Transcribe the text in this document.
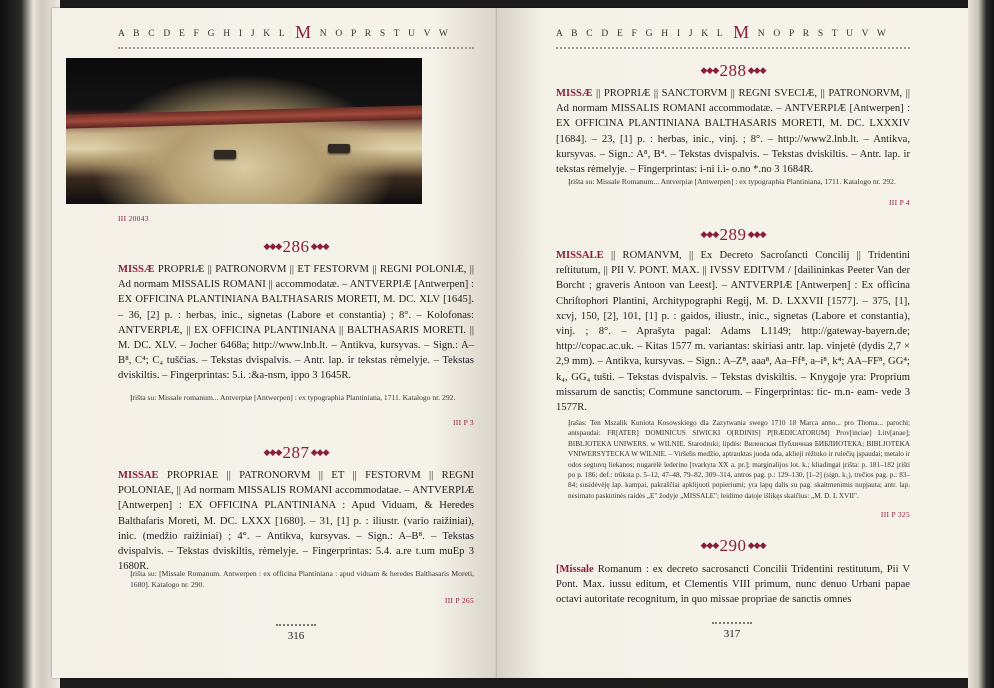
A B C D E F G H I J K L M N O P R S T U V W
III 20043
◆◆◆ 286 ◆◆◆
MISSÆ PROPRIÆ || PATRONORVM || ET FESTORVM || REGNI POLONIÆ, || Ad normam MISSALIS ROMANI || accommodatæ. – ANTVERPIÆ [Antwerpen] : EX OFFICINA PLANTINIANA BALTHASARIS MORETI, M. DC. XLV [1645]. – 36, [2] p. : herbas, inic., signetas (Labore et constantia) ; 8°. – Kolofonas: ANTVERPIÆ, || EX OFFICINA PLANTINIANA || BALTHASARIS MORETI. || M. DC. XLV. – Jocher 6468a; http://www.lnb.lt. – Antikva, kursyvas. – Sign.: A–B⁸, C⁴; C₄ tuščias. – Tekstas dvispalvis. – Antr. lap. ir tekstas rėmelyje. – Tekstas dviskiltis. – Fingerprintas: 5.i. :&a-nsm, ippo 3 1645R.
Įrišta su: Missale romanum... Antverpiæ [Antwerpen] : ex typographia Plantiniana, 1711. Katalogo nr. 292.
III P 3
◆◆◆ 287 ◆◆◆
MISSAE PROPRIAE || PATRONORVM || ET || FESTORVM || REGNI POLONIAE, || Ad normam MISSALIS ROMANI accommodatae. – ANTVERPIÆ [Antwerpen] : EX OFFICINA PLANTINIANA : Apud Viduam, & Heredes Balthaſaris Moreti, M. DC. LXXX [1680]. – 31, [1] p. : iliustr. (vario raižiniai), inic. (medžio raižiniai) ; 4°. – Antikva, kursyvas. – Sign.: A–B⁸. – Tekstas dvispalvis. – Tekstas dviskiltis, rėmelyje. – Fingerprintas: 5.4. a.re t.um muEp 3 1680R.
Įrišta su: [Missale Romanum. Antwerpen : ex officina Plantiniana : apud viduam & heredes Balthasaris Moreti, 1680]. Katalogo nr. 290.
III P 265
316
A B C D E F G H I J K L M N O P R S T U V W
◆◆◆ 288 ◆◆◆
MISSÆ || PROPRIÆ || SANCTORVM || REGNI SVECIÆ, || PATRONORVM, || Ad normam MISSALIS ROMANI accommodatæ. – ANTVERPIÆ [Antwerpen] : EX OFFICINA PLANTINIANA BALTHASARIS MORETI, M. DC. LXXXIV [1684]. – 23, [1] p. : herbas, inic., vinj. ; 8°. – http://www2.lnb.lt. – Antikva, kursyvas. – Sign.: A⁸, B⁴. – Tekstas dvispalvis. – Tekstas dviskiltis. – Antr. lap. ir tekstas rėmelyje. – Fingerprintas: i-ni i.i- o.no *.no 3 1684R.
Įrišta su: Missale Romanum... Antverpiæ [Antwerpen] : ex typographia Plantiniana, 1711. Katalogo nr. 292.
III P 4
◆◆◆ 289 ◆◆◆
MISSALE || ROMANVM, || Ex Decreto Sacroſancti Concilij || Tridentini reſtitutum, || PII V. PONT. MAX. || IVSSV EDITVM / [dailininkas Peeter Van der Borcht ; graveris Antoon van Leest]. – ANTVERPIÆ [Antwerpen] : Ex officina Chriſtophori Plantini, Architypographi Regij, M. D. LXXVII [1577]. – 375, [1], xcvj, 150, [2], 101, [1] p. : gaidos, iliustr., inic., signetas (Labore et constantia), vinj. ; 8°. – Aprašyta pagal: Adams L1149; http://gateway-bayern.de; http://copac.ac.uk. – Kitas 1577 m. variantas: skiriasi antr. lap. vinjetė (dydis 2,7 × 2,9 mm). – Antikva, kursyvas. – Sign.: A–Z⁸, aaa⁸, Aa–Ff⁸, a–i⁸, k⁴; AA–FF⁸, GG⁴; k₄, GG₄ tušti. – Tekstas dvispalvis. – Tekstas dviskiltis. – Knygoje yra: Proprium missarum de sanctis; Commune sanctorum. – Fingerprintas: tic- m.n- eam- vede 3 1577R.
Įrašas: Ten Mszalik Kuniota Kosowskiego dla Zazytwania swego 1710 18 Marca anno... pro Thoma... parochi; antspaudai: FR[ATER] DOMINICUS SIWICKI O[RDINIS] P[RÆDICATORUM] Prov[inciae] Litv[anae]; BIBLJOTEKA UNIWERS. w WILNIE. Starodruki; lipdės: Виленская Публичная БИБЛИОТЕКА; BIBLJOTEKA VNIWERSYTECKA W WILNIE. – Viršelis medžio, aptrauktas juoda oda, aklieji rėžtuko ir rulečių įspaudai; metalo ir odos segtuvų liekanos; nugarėlė lederino [tvarkyta XX a. pr.]; marginalijos lot. k.; kliadingai įrišta: p. 181–182 įrišti po p. 186; def.: trūksta p. 5–12, 47–48, 79–82, 309–314, antros pag. p.: 129–130, [1–2] (sign. k₁), trečios pag. p.: 83–84; susidėvėję lap. kampai, pakraščiai apklijuoti popieriumi; yra lapų dalis su pag. skaitmenimis nupjauta; antr. lap. nesimato paskutinės raidės „E" žodyje „MISSALE"; leidimo datoje išlikęs skaičius: „M. D. L XVII".
III P 325
◆◆◆ 290 ◆◆◆
[Missale Romanum : ex decreto sacrosancti Concilii Tridentini restitutum, Pii V Pont. Max. iussu editum, et Clementis VIII primum, nunc denuo Urbani papae octavi autoritate recognitum, in quo missae propriae de sanctis omnes
317
